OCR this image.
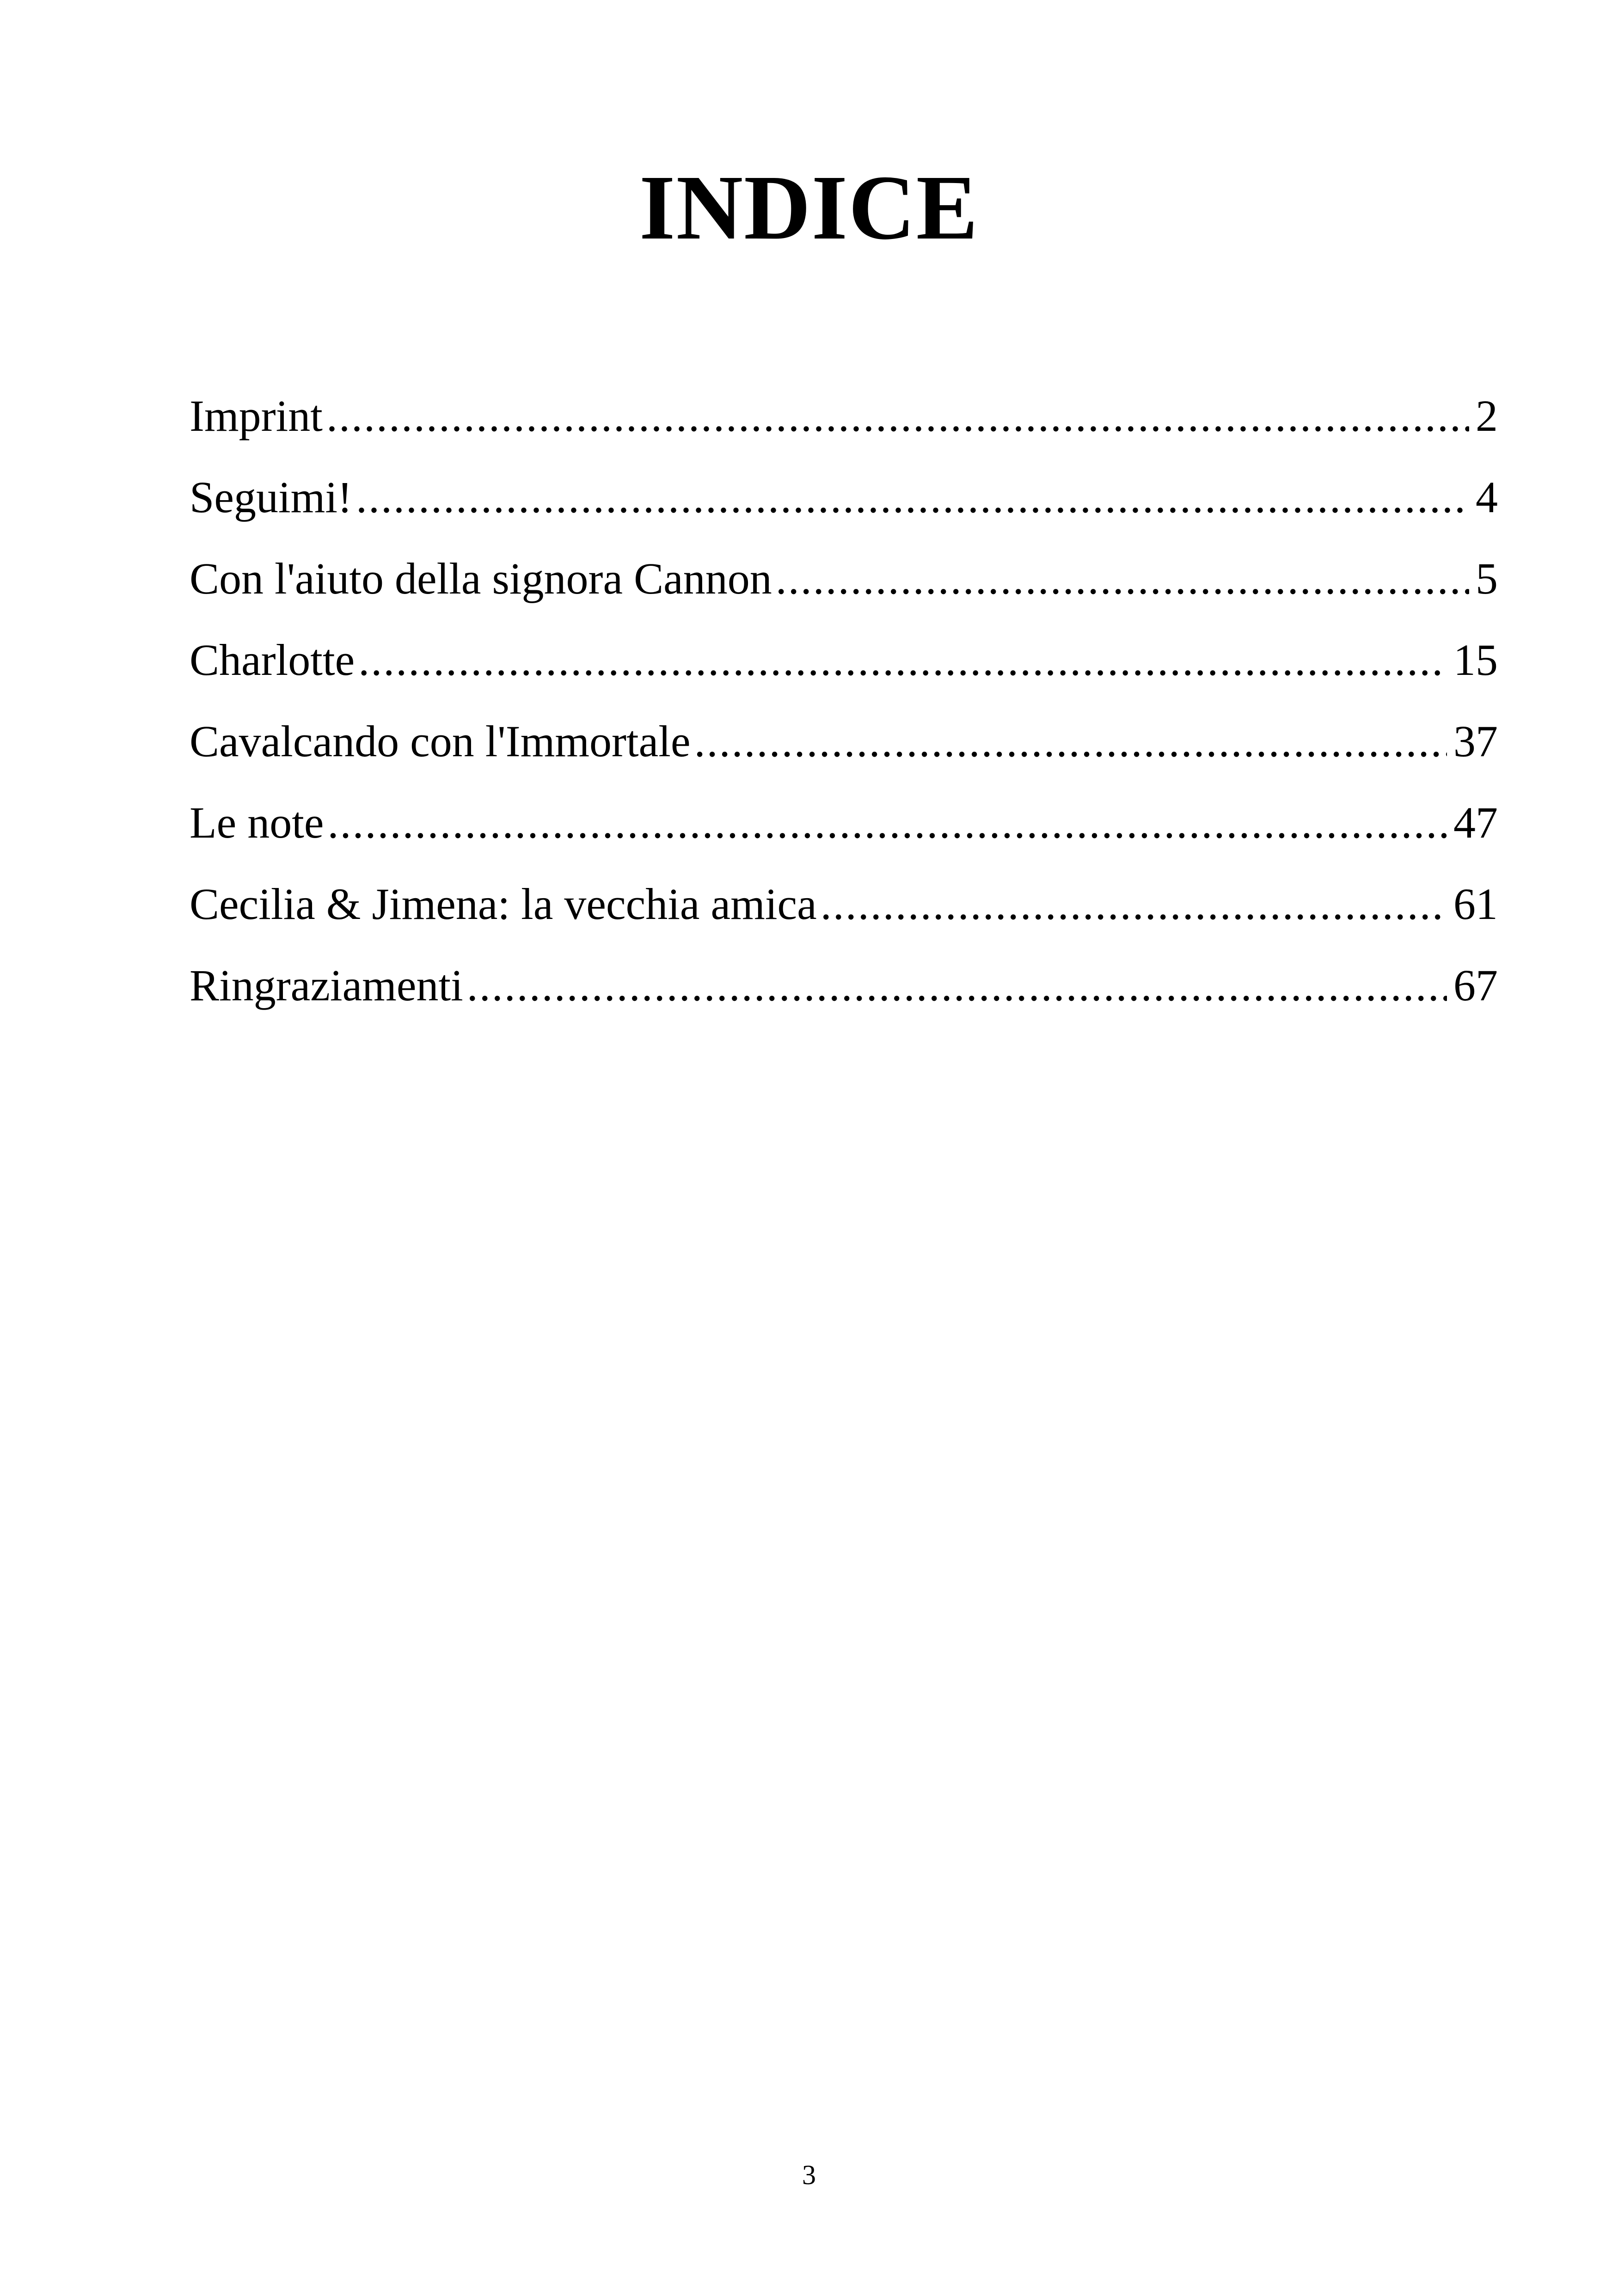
INDICE
Imprint .....	2
Seguimi! .....	4
Con l'aiuto della signora Cannon .....	5
Charlotte .....	15
Cavalcando con l'Immortale .....	37
Le note .....	47
Cecilia & Jimena: la vecchia amica .....	61
Ringraziamenti .....	67
3
